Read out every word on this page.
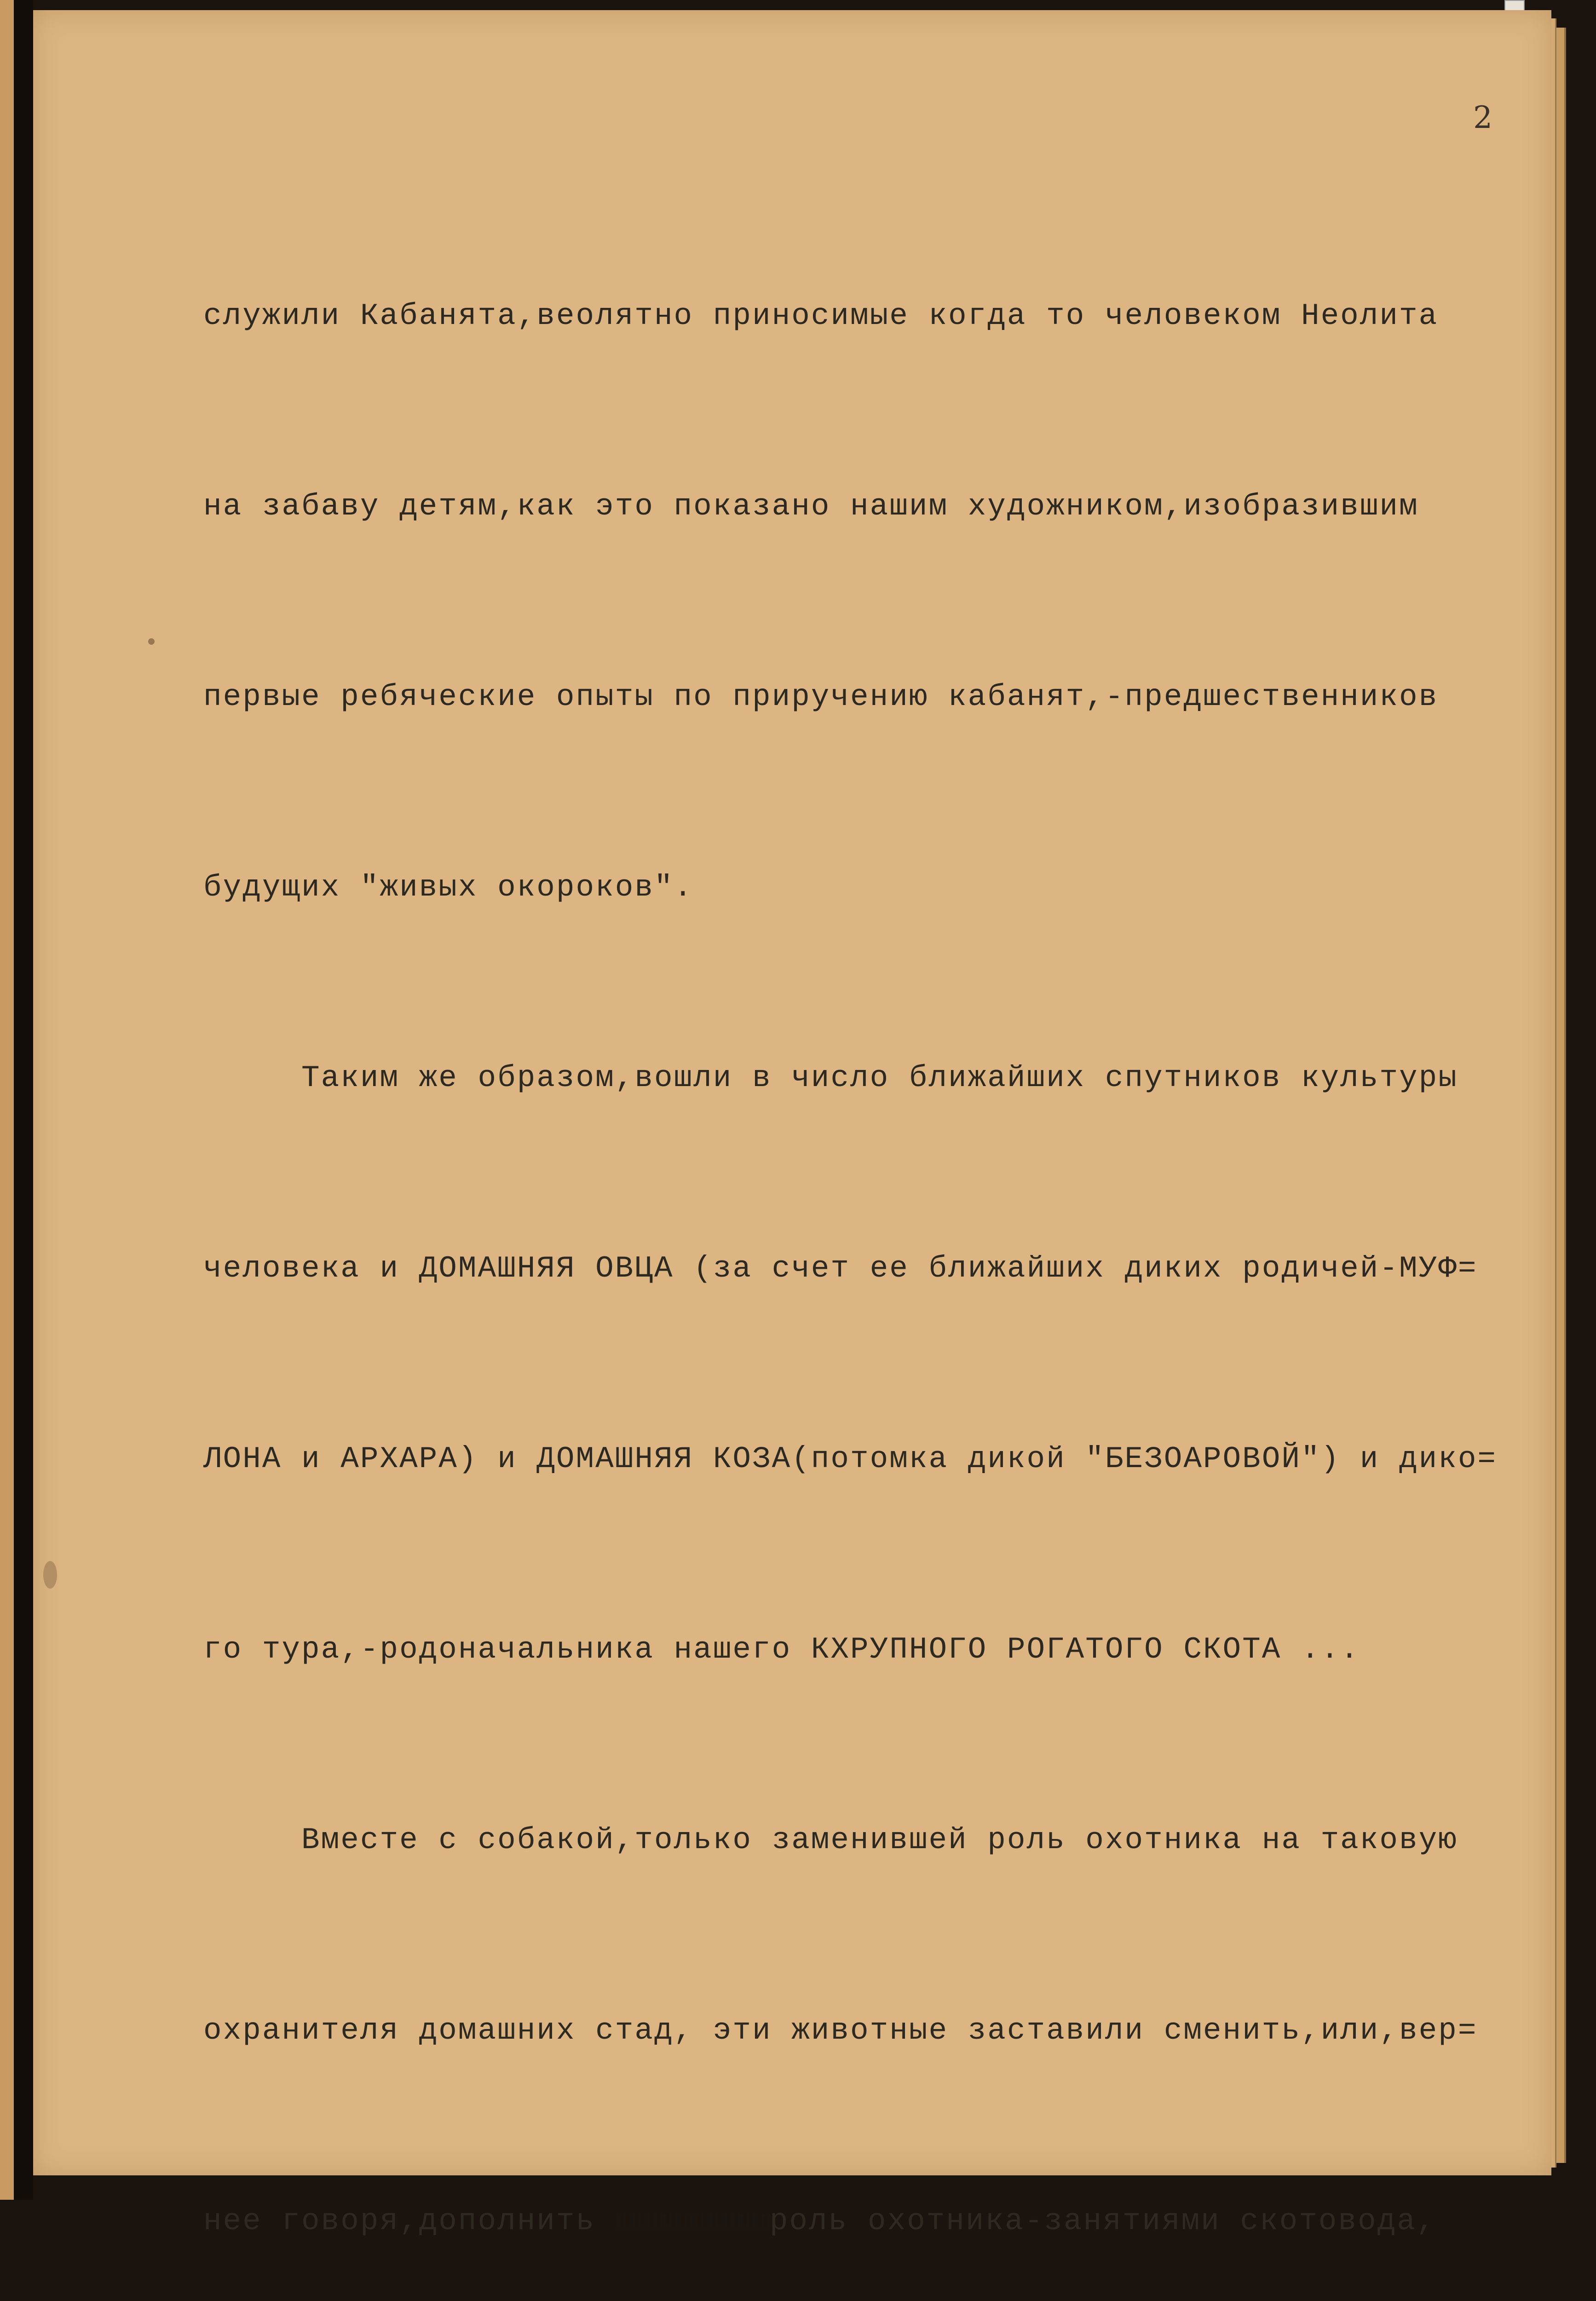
2

служили Кабанята,веолятно приносимые когда то человеком Неолита

на забаву детям,как это показано нашим художником,изобразившим

первые ребяческие опыты по приручению кабанят,-предшественников

будущих "живых окороков".

Таким же образом,вошли в число ближайших спутников культуры

человека и ДОМАШНЯЯ ОВЦА (за счет ее ближайших диких родичей-МУФ=

ЛОНА и АРХАРА) и ДОМАШНЯЯ КОЗА(потомка дикой "БЕЗОАРОВОЙ") и дико=

го тура,-родоначальника нашего КХРУПНОГО РОГАТОГО СКОТА ...

Вместе с собакой,только заменившей роль охотника на таковую

охранителя домашних стад, эти животные заставили сменить,или,вер=

нее говоря,дополнить шшшшшшшшшшроль охотника-занятиями скотовода,
